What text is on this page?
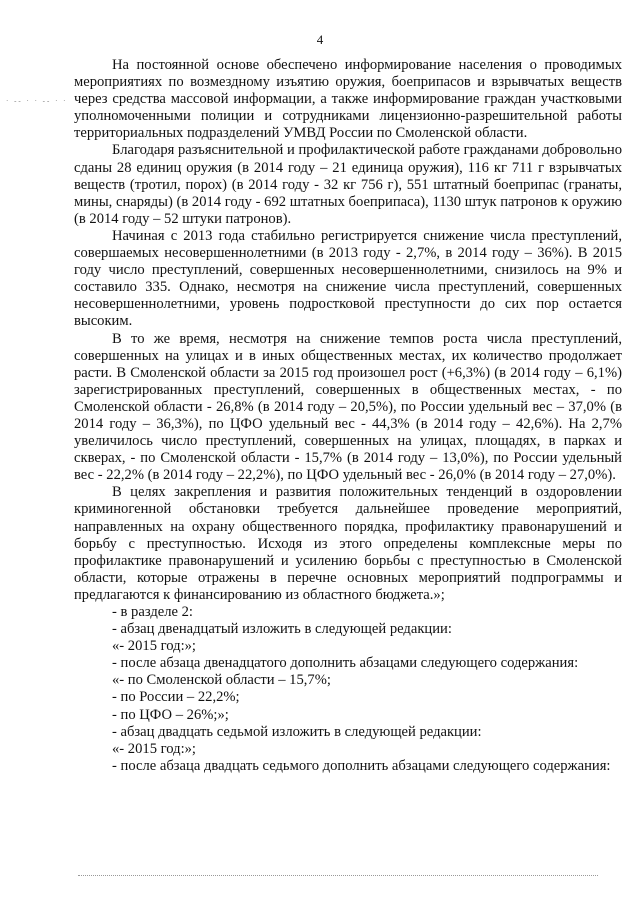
4
· -- · · -- · ·

На постоянной основе обеспечено информирование населения о проводимых мероприятиях по возмездному изъятию оружия, боеприпасов и взрывчатых веществ через средства массовой информации, а также информирование граждан участковыми уполномоченными полиции и сотрудниками лицензионно-разрешительной работы территориальных подразделений УМВД России по Смоленской области.

Благодаря разъяснительной и профилактической работе гражданами добровольно сданы 28 единиц оружия (в 2014 году – 21 единица оружия), 116 кг 711 г взрывчатых веществ (тротил, порох) (в 2014 году - 32 кг 756 г), 551 штатный боеприпас (гранаты, мины, снаряды) (в 2014 году - 692 штатных боеприпаса), 1130 штук патронов к оружию (в 2014 году – 52 штуки патронов).

Начиная с 2013 года стабильно регистрируется снижение числа преступлений, совершаемых несовершеннолетними (в 2013 году - 2,7%, в 2014 году – 36%). В 2015 году число преступлений, совершенных несовершеннолетними, снизилось на 9% и составило 335. Однако, несмотря на снижение числа преступлений, совершенных несовершеннолетними, уровень подростковой преступности до сих пор остается высоким.

В то же время, несмотря на снижение темпов роста числа преступлений, совершенных на улицах и в иных общественных местах, их количество продолжает расти. В Смоленской области за 2015 год произошел рост (+6,3%) (в 2014 году – 6,1%) зарегистрированных преступлений, совершенных в общественных местах, - по Смоленской области - 26,8% (в 2014 году – 20,5%), по России удельный вес – 37,0% (в 2014 году – 36,3%), по ЦФО удельный вес - 44,3% (в 2014 году – 42,6%). На 2,7% увеличилось число преступлений, совершенных на улицах, площадях, в парках и скверах, - по Смоленской области - 15,7% (в 2014 году – 13,0%), по России удельный вес - 22,2% (в 2014 году – 22,2%), по ЦФО удельный вес - 26,0% (в 2014 году – 27,0%).

В целях закрепления и развития положительных тенденций в оздоровлении криминогенной обстановки требуется дальнейшее проведение мероприятий, направленных на охрану общественного порядка, профилактику правонарушений и борьбу с преступностью. Исходя из этого определены комплексные меры по профилактике правонарушений и усилению борьбы с преступностью в Смоленской области, которые отражены в перечне основных мероприятий подпрограммы и предлагаются к финансированию из областного бюджета.»;

- в разделе 2:

- абзац двенадцатый изложить в следующей редакции:

«- 2015 год:»;

- после абзаца двенадцатого дополнить абзацами следующего содержания:

«- по Смоленской области – 15,7%;

- по России – 22,2%;

- по ЦФО – 26%;»;

- абзац двадцать седьмой изложить в следующей редакции:

«- 2015 год:»;

- после абзаца двадцать седьмого дополнить абзацами следующего содержания:
